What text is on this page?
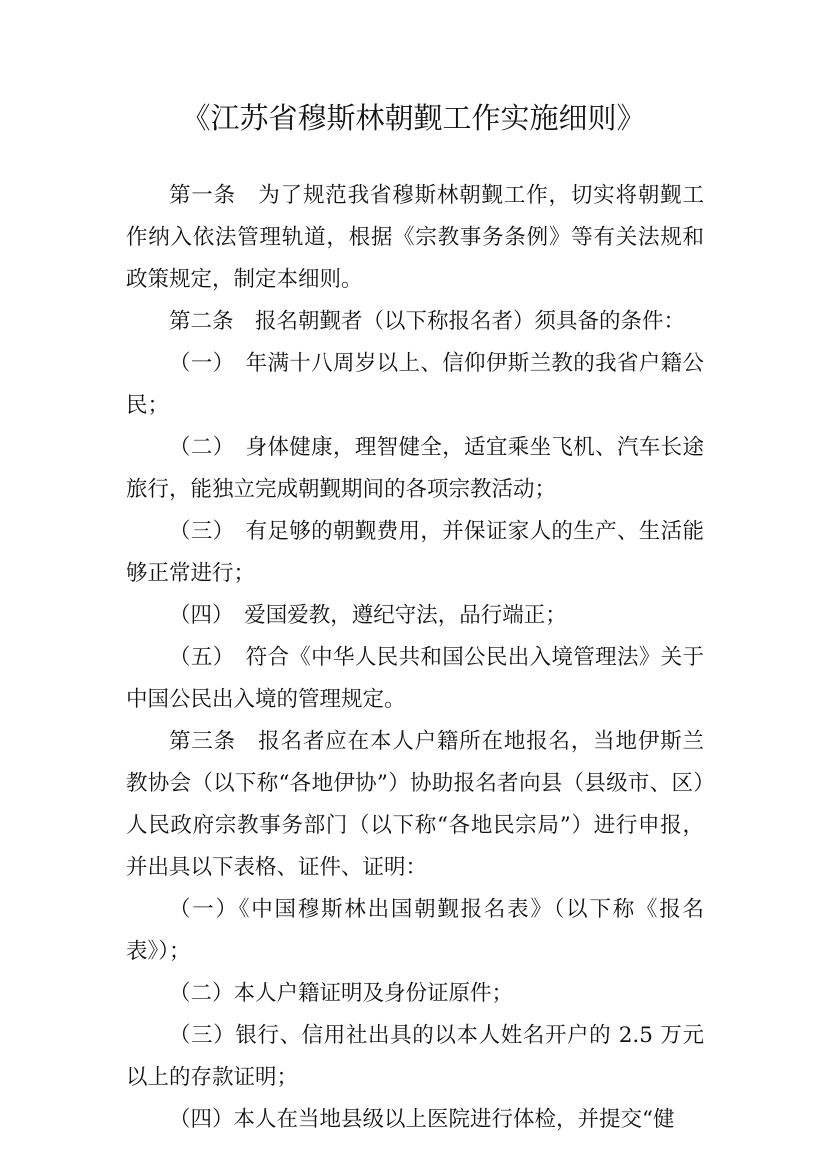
《江苏省穆斯林朝觐工作实施细则》

第一条　为了规范我省穆斯林朝觐工作，切实将朝觐工作纳入依法管理轨道，根据《宗教事务条例》等有关法规和政策规定，制定本细则。

第二条　报名朝觐者（以下称报名者）须具备的条件：

（一）　年满十八周岁以上、信仰伊斯兰教的我省户籍公民；

（二）　身体健康，理智健全，适宜乘坐飞机、汽车长途旅行，能独立完成朝觐期间的各项宗教活动；

（三）　有足够的朝觐费用，并保证家人的生产、生活能够正常进行；

（四）　爱国爱教，遵纪守法，品行端正；

（五）　符合《中华人民共和国公民出入境管理法》关于中国公民出入境的管理规定。

第三条　报名者应在本人户籍所在地报名，当地伊斯兰教协会（以下称“各地伊协”）协助报名者向县（县级市、区）人民政府宗教事务部门（以下称“各地民宗局”）进行申报，并出具以下表格、证件、证明：

（一）《中国穆斯林出国朝觐报名表》（以下称《报名表》）；

（二）本人户籍证明及身份证原件；

（三）银行、信用社出具的以本人姓名开户的 2.5 万元以上的存款证明；

（四）本人在当地县级以上医院进行体检，并提交“健
